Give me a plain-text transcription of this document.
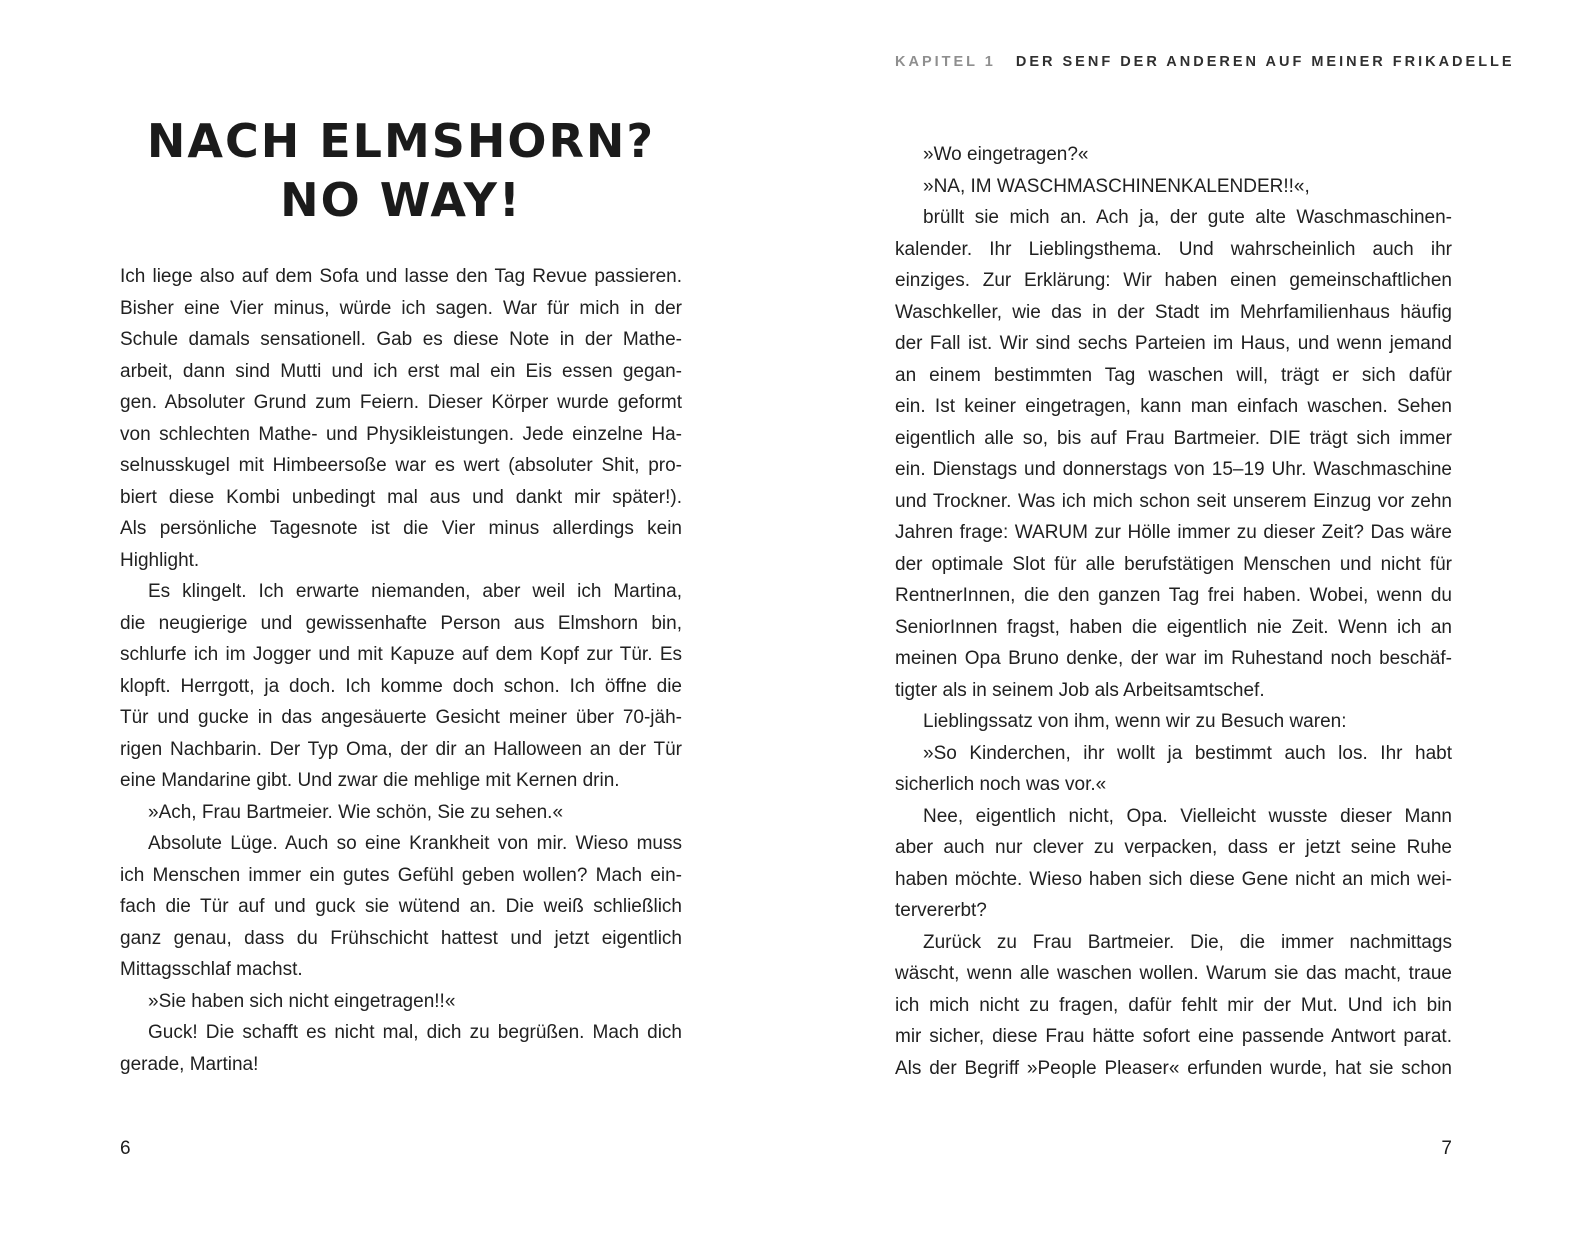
KAPITEL 1 DER SENF DER ANDEREN AUF MEINER FRIKADELLE
NACH ELMSHORN?
NO WAY!
Ich liege also auf dem Sofa und lasse den Tag Revue passieren.
Bisher eine Vier minus, würde ich sagen. War für mich in der
Schule damals sensationell. Gab es diese Note in der Mathe-
arbeit, dann sind Mutti und ich erst mal ein Eis essen gegan-
gen. Absoluter Grund zum Feiern. Dieser Körper wurde geformt
von schlechten Mathe- und Physikleistungen. Jede einzelne Ha-
selnusskugel mit Himbeersoße war es wert (absoluter Shit, pro-
biert diese Kombi unbedingt mal aus und dankt mir später!).
Als persönliche Tagesnote ist die Vier minus allerdings kein
Highlight.
Es klingelt. Ich erwarte niemanden, aber weil ich Martina,
die neugierige und gewissenhafte Person aus Elmshorn bin,
schlurfe ich im Jogger und mit Kapuze auf dem Kopf zur Tür. Es
klopft. Herrgott, ja doch. Ich komme doch schon. Ich öffne die
Tür und gucke in das angesäuerte Gesicht meiner über 70-jäh-
rigen Nachbarin. Der Typ Oma, der dir an Halloween an der Tür
eine Mandarine gibt. Und zwar die mehlige mit Kernen drin.
»Ach, Frau Bartmeier. Wie schön, Sie zu sehen.«
Absolute Lüge. Auch so eine Krankheit von mir. Wieso muss
ich Menschen immer ein gutes Gefühl geben wollen? Mach ein-
fach die Tür auf und guck sie wütend an. Die weiß schließlich
ganz genau, dass du Frühschicht hattest und jetzt eigentlich
Mittagsschlaf machst.
»Sie haben sich nicht eingetragen!!«
Guck! Die schafft es nicht mal, dich zu begrüßen. Mach dich
gerade, Martina!
»Wo eingetragen?«
»NA, IM WASCHMASCHINENKALENDER!!«,
brüllt sie mich an. Ach ja, der gute alte Waschmaschinen-
kalender. Ihr Lieblingsthema. Und wahrscheinlich auch ihr
einziges. Zur Erklärung: Wir haben einen gemeinschaftlichen
Waschkeller, wie das in der Stadt im Mehrfamilienhaus häufig
der Fall ist. Wir sind sechs Parteien im Haus, und wenn jemand
an einem bestimmten Tag waschen will, trägt er sich dafür
ein. Ist keiner eingetragen, kann man einfach waschen. Sehen
eigentlich alle so, bis auf Frau Bartmeier. DIE trägt sich immer
ein. Dienstags und donnerstags von 15–19 Uhr. Waschmaschine
und Trockner. Was ich mich schon seit unserem Einzug vor zehn
Jahren frage: WARUM zur Hölle immer zu dieser Zeit? Das wäre
der optimale Slot für alle berufstätigen Menschen und nicht für
RentnerInnen, die den ganzen Tag frei haben. Wobei, wenn du
SeniorInnen fragst, haben die eigentlich nie Zeit. Wenn ich an
meinen Opa Bruno denke, der war im Ruhestand noch beschäf-
tigter als in seinem Job als Arbeitsamtschef.
Lieblingssatz von ihm, wenn wir zu Besuch waren:
»So Kinderchen, ihr wollt ja bestimmt auch los. Ihr habt
sicherlich noch was vor.«
Nee, eigentlich nicht, Opa. Vielleicht wusste dieser Mann
aber auch nur clever zu verpacken, dass er jetzt seine Ruhe
haben möchte. Wieso haben sich diese Gene nicht an mich wei-
tervererbt?
Zurück zu Frau Bartmeier. Die, die immer nachmittags
wäscht, wenn alle waschen wollen. Warum sie das macht, traue
ich mich nicht zu fragen, dafür fehlt mir der Mut. Und ich bin
mir sicher, diese Frau hätte sofort eine passende Antwort parat.
Als der Begriff »People Pleaser« erfunden wurde, hat sie schon
6	7
